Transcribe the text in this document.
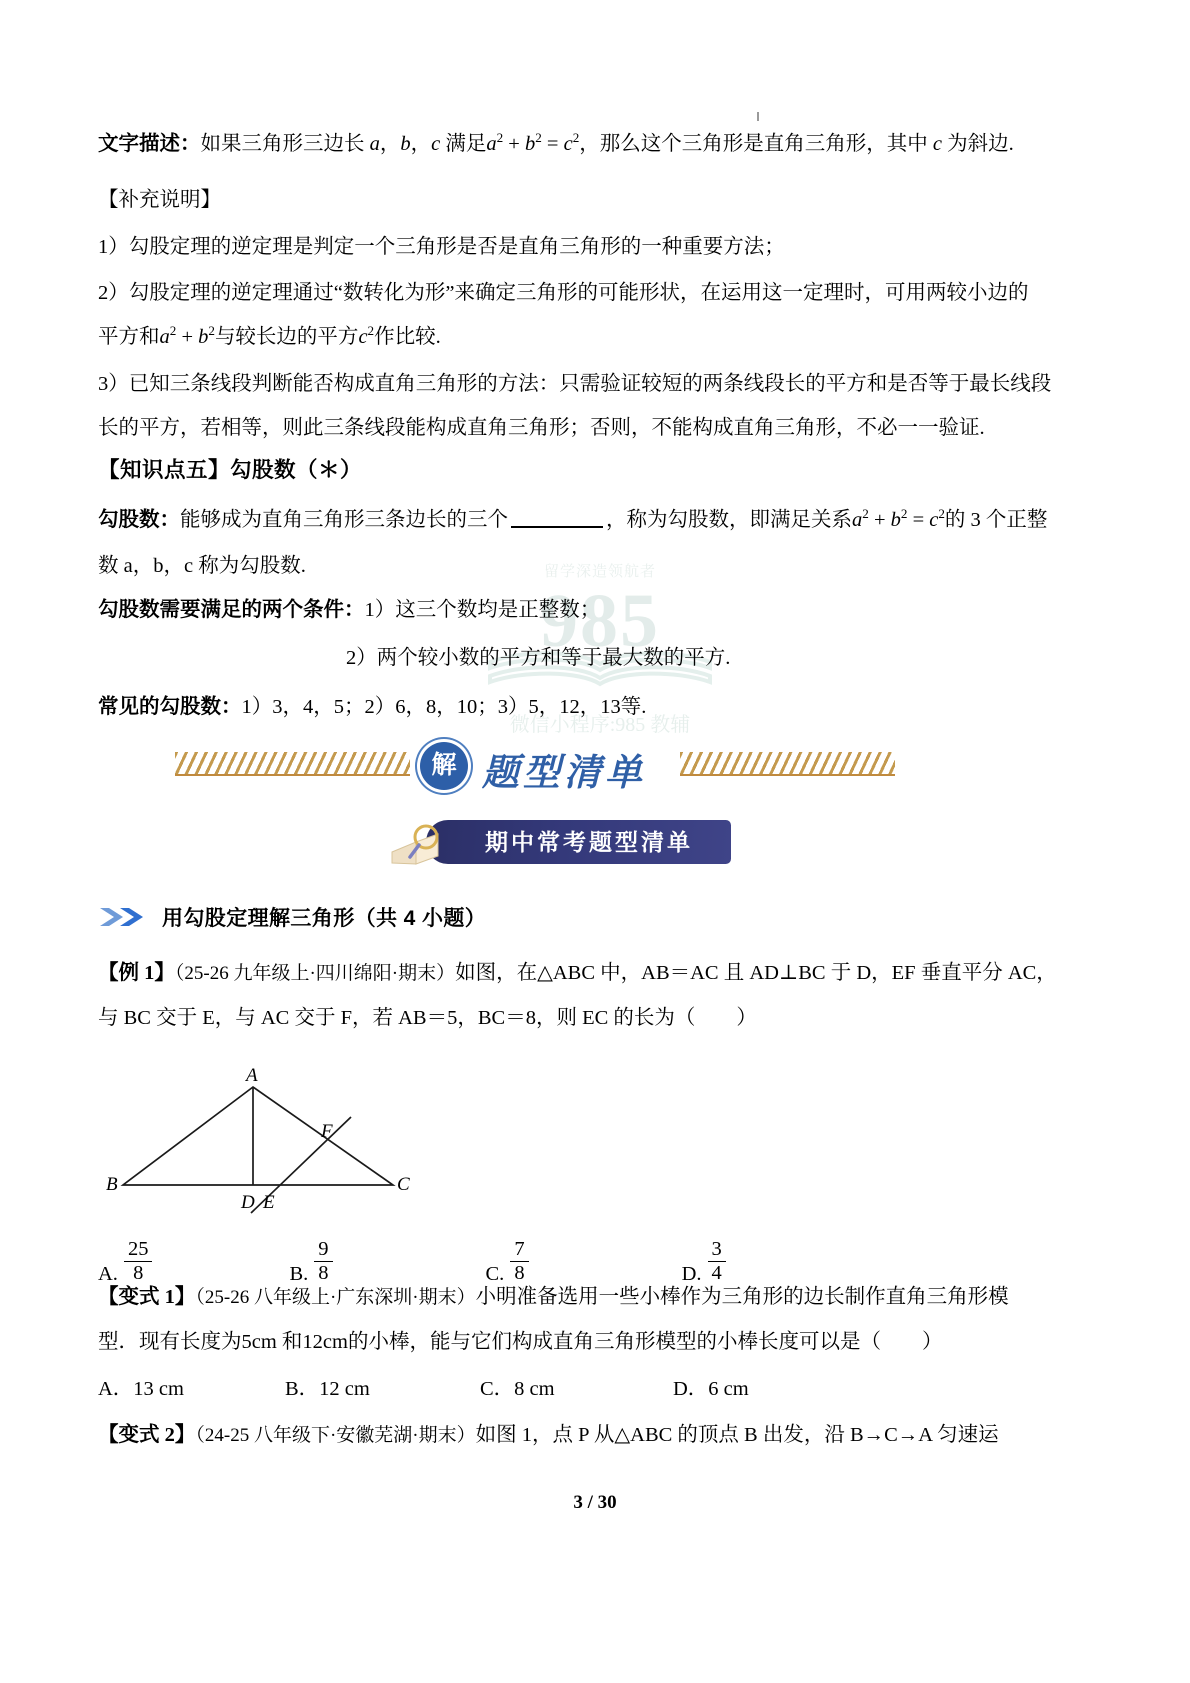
留学深造领航者
985
微信小程序:985 教辅
文字描述：如果三角形三边长 a，b，c 满足$a^2 + b^2 = c^2$，那么这个三角形是直角三角形，其中 c 为斜边.
【补充说明】
1）勾股定理的逆定理是判定一个三角形是否是直角三角形的一种重要方法；
2）勾股定理的逆定理通过“数转化为形”来确定三角形的可能形状，在运用这一定理时，可用两较小边的
平方和$a^2 + b^2$与较长边的平方$c^2$作比较.
3）已知三条线段判断能否构成直角三角形的方法：只需验证较短的两条线段长的平方和是否等于最长线段
长的平方，若相等，则此三条线段能构成直角三角形；否则，不能构成直角三角形，不必一一验证.
【知识点五】勾股数（＊）
勾股数：能够成为直角三角形三条边长的三个	，称为勾股数，即满足关系$a^2 + b^2 = c^2$的 3 个正整
数 a，b，c 称为勾股数.
勾股数需要满足的两个条件：1）这三个数均是正整数；
2）两个较小数的平方和等于最大数的平方.
常见的勾股数：1）3，4，5；2）6，8，10；3）5，12，13等.
用勾股定理解三角形（共 4 小题）
【例 1】（25-26 九年级上·四川绵阳·期末）如图，在△ABC 中，AB＝AC 且 AD⊥BC 于 D，EF 垂直平分 AC，
与 BC 交于 E，与 AC 交于 F，若 AB＝5，BC＝8，则 EC 的长为（　　）
A
B	C
D E
F
A. $\frac{25}{8}$	B. $\frac{9}{8}$	C. $\frac{7}{8}$	D. $\frac{3}{4}$
【变式 1】（25-26 八年级上·广东深圳·期末）小明准备选用一些小棒作为三角形的边长制作直角三角形模
型．现有长度为5cm 和12cm的小棒，能与它们构成直角三角形模型的小棒长度可以是（　　）
A．13 cm	B．12 cm	C．8 cm	D．6 cm
【变式 2】（24-25 八年级下·安徽芜湖·期末）如图 1，点 P 从△ABC 的顶点 B 出发，沿 B→C→A 匀速运
解 题型清单
期中常考题型清单
3 / 30
